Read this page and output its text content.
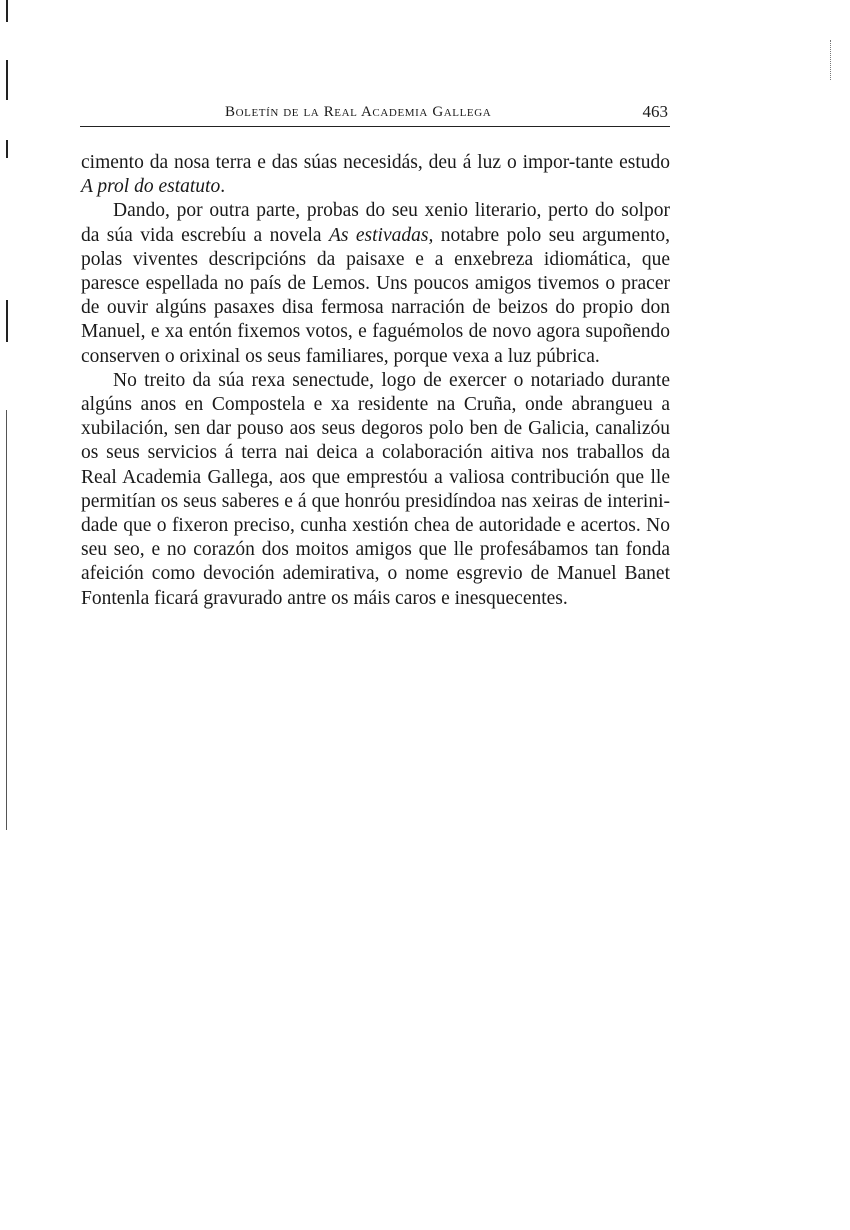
Boletín de la Real Academia Gallega	463

cimento da nosa terra e das súas necesidás, deu á luz o impor-tante estudo A prol do estatuto.

Dando, por outra parte, probas do seu xenio literario, perto do solpor da súa vida escrebíu a novela As estivadas, notabre polo seu argumento, polas viventes descripcións da paisaxe e a enxebreza idiomática, que paresce espellada no país de Lemos. Uns poucos amigos tivemos o pracer de ouvir algúns pasaxes disa fermosa narración de beizos do propio don Manuel, e xa entón fixemos votos, e faguémolos de novo agora supoñendo conserven o orixinal os seus familiares, porque vexa a luz púbrica.

No treito da súa rexa senectude, logo de exercer o notariado durante algúns anos en Compostela e xa residente na Cruña, onde abrangueu a xubilación, sen dar pouso aos seus degoros polo ben de Galicia, canalizóu os seus servicios á terra nai deica a colaboración aitiva nos traballos da Real Academia Gallega, aos que emprestóu a valiosa contribución que lle permitían os seus saberes e á que honróu presidíndoa nas xeiras de interini-dade que o fixeron preciso, cunha xestión chea de autoridade e acertos. No seu seo, e no corazón dos moitos amigos que lle profesábamos tan fonda afeición como devoción ademirativa, o nome esgrevio de Manuel Banet Fontenla ficará gravurado antre os máis caros e inesquecentes.
